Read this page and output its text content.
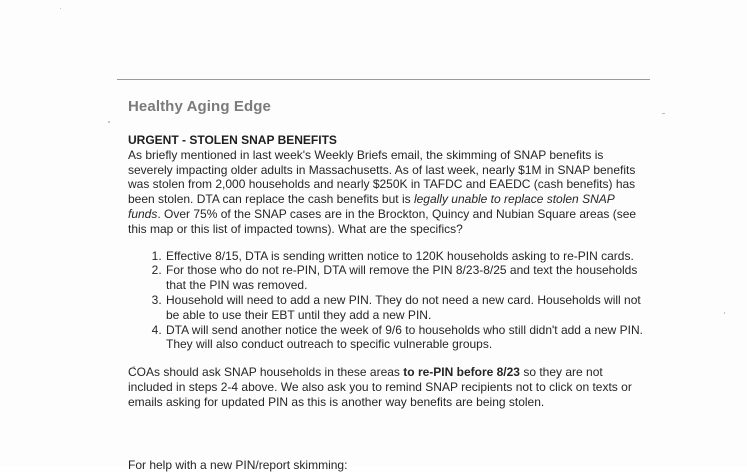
Healthy Aging Edge
URGENT - STOLEN SNAP BENEFITS

As briefly mentioned in last week's Weekly Briefs email, the skimming of SNAP benefits is severely impacting older adults in Massachusetts. As of last week, nearly $1M in SNAP benefits was stolen from 2,000 households and nearly $250K in TAFDC and EAEDC (cash benefits) has been stolen. DTA can replace the cash benefits but is legally unable to replace stolen SNAP funds. Over 75% of the SNAP cases are in the Brockton, Quincy and Nubian Square areas (see this map or this list of impacted towns). What are the specifics?

1. Effective 8/15, DTA is sending written notice to 120K households asking to re-PIN cards.
2. For those who do not re-PIN, DTA will remove the PIN 8/23-8/25 and text the households that the PIN was removed.
3. Household will need to add a new PIN. They do not need a new card. Households will not be able to use their EBT until they add a new PIN.
4. DTA will send another notice the week of 9/6 to households who still didn't add a new PIN. They will also conduct outreach to specific vulnerable groups.

COAs should ask SNAP households in these areas to re-PIN before 8/23 so they are not included in steps 2-4 above. We also ask you to remind SNAP recipients not to click on texts or emails asking for updated PIN as this is another way benefits are being stolen.

For help with a new PIN/report skimming:
